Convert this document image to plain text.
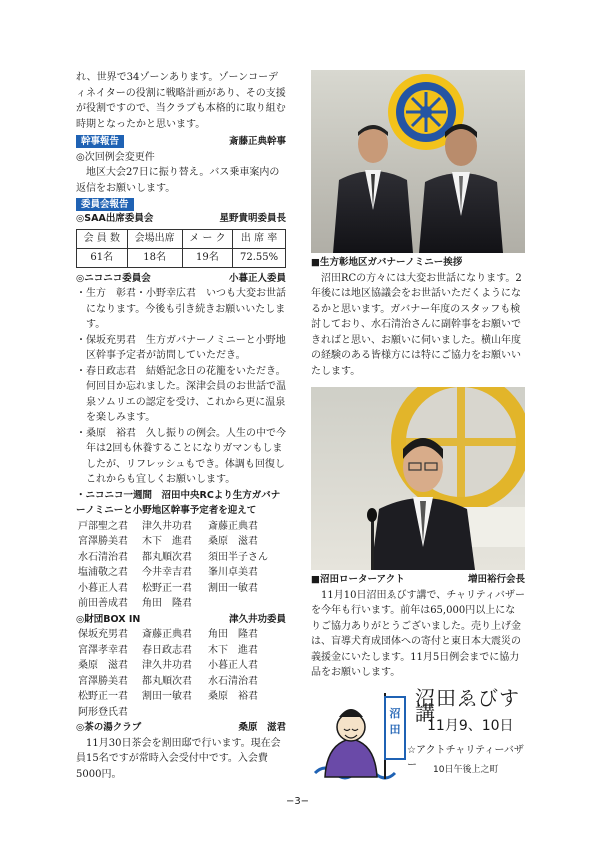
れ、世界で34ゾーンあります。ゾーンコーディネイターの役割に戦略計画があり、その支援が役割ですので、当クラブも本格的に取り組む時期となったかと思います。

幹事報告	斎藤正典幹事

◎次回例会変更件

地区大会27日に振り替え。バス乗車案内の返信をお願いします。

委員会報告
◎SAA出席委員会	星野貴明委員長
会 員 数	会場出席	メ ー ク	出 席 率
61名	18名	19名	72.55%
◎ニコニコ委員会	小暮正人委員
・ 生方　彰君・小野幸広君　いつも大変お世話になります。今後も引き続きお願いいたします。
・ 保坂充男君　生方ガバナーノミニーと小野地区幹事予定者が訪問していただき。
・ 春日政志君　結婚記念日の花籠をいただき。何回目か忘れました。深津会員のお世話で温泉ソムリエの認定を受け、これから更に温泉を楽しみます。
・ 桑原　裕君　久し振りの例会。人生の中で今年は2回も休養することになりガマンもしましたが、リフレッシュもでき。体調も回復しこれからも宜しくお願いします。

・ニコニコ一週間　沼田中央RCより生方ガバナーノミニーと小野地区幹事予定者を迎えて

戸部聖之君	津久井功君	斎藤正典君
宮澤勝美君	木下　進君	桑原　滋君
水石清治君	都丸順次君	須田半子さん
塩浦敬之君	今井幸吉君	峯川卓美君
小暮正人君	松野正一君	割田一敏君
前田善成君	角田　隆君
◎財団BOX IN	津久井功委員
保坂充男君	斎藤正典君	角田　隆君
宮澤孝幸君	春日政志君	木下　進君
桑原　滋君	津久井功君	小暮正人君
宮澤勝美君	都丸順次君	水石清治君
松野正一君	割田一敏君	桑原　裕君
阿形登氏君
◎茶の湯クラブ	桑原　滋君

11月30日茶会を割田邸で行います。現在会員15名ですが常時入会受付中です。入会費5000円。

■生方彰地区ガバナーノミニー挨拶

沼田RCの方々には大変お世話になります。2年後には地区協議会をお世話いただくようになるかと思います。ガバナー年度のスタッフも検討しており、水石清治さんに副幹事をお願いできればと思い、お願いに伺いました。横山年度の経験のある皆様方には特にご協力をお願いいたします。

■沼田ローターアクト	増田裕行会長

11月10日沼田ゑびす講で、チャリティバザーを今年も行います。前年は65,000円以上になりご協力ありがとうございました。売り上げ金は、盲導犬育成団体への寄付と東日本大震災の義援金にいたします。11月5日例会までに協力品をお願いします。

沼
田
沼田ゑびす講
11月9、10日
☆アクトチャリティーバザー	10日午後上之町
−3−
